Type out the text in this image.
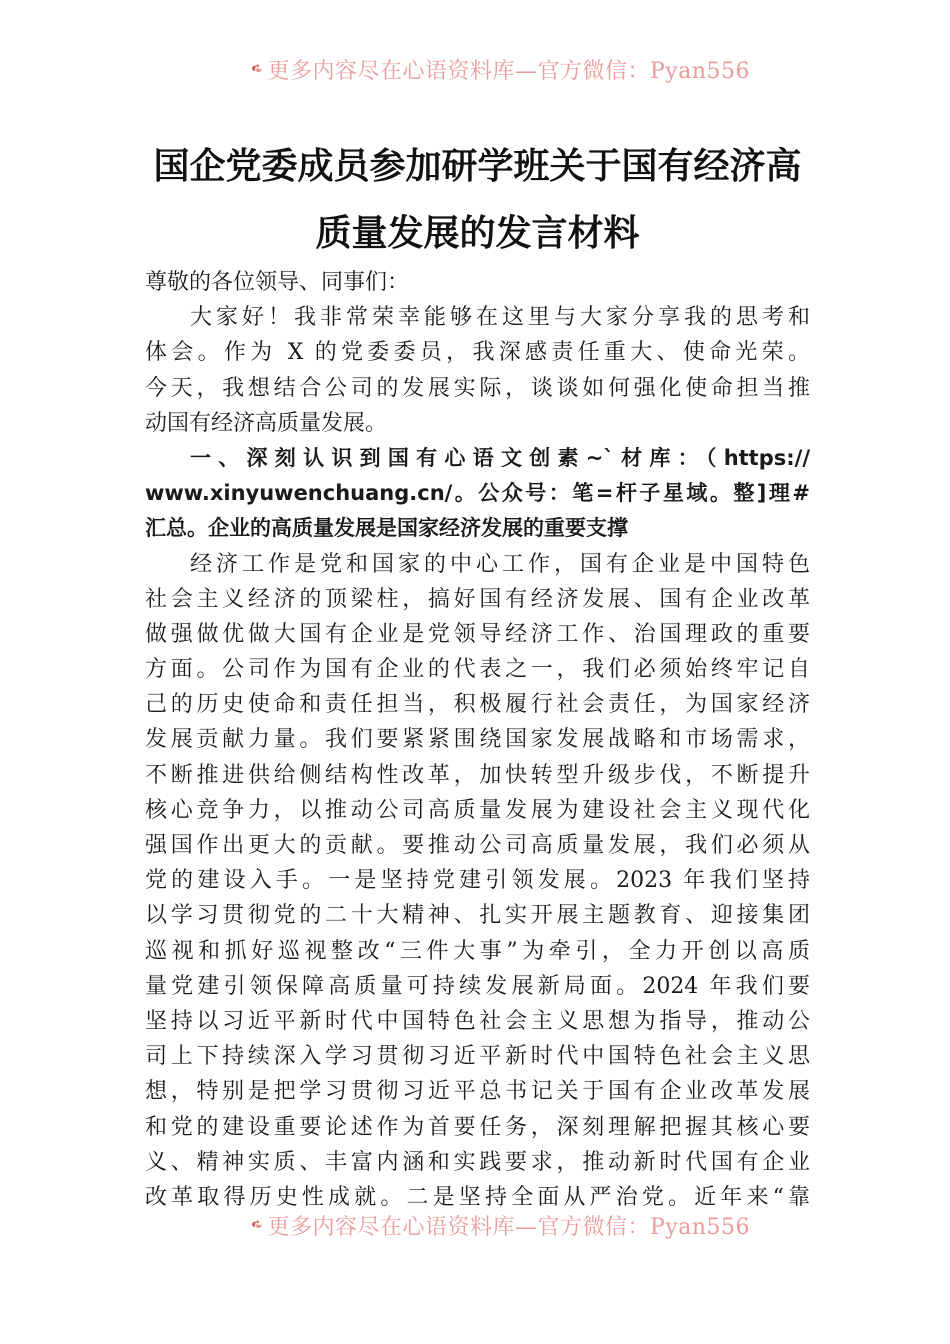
更多内容尽在心语资料库—官方微信：Pyan556
国企党委成员参加研学班关于国有经济高
质量发展的发言材料
尊敬的各位领导、同事们：
大家好！我非常荣幸能够在这里与大家分享我的思考和
体会。作为 X 的党委委员，我深感责任重大、使命光荣。
今天，我想结合公司的发展实际，谈谈如何强化使命担当推
动国有经济高质量发展。
一、深刻认识到国有心语文创素~`材库：（https://
www.xinyuwenchuang.cn/。公众号：笔=杆子星域。整]理#
汇总。企业的高质量发展是国家经济发展的重要支撑
经济工作是党和国家的中心工作，国有企业是中国特色
社会主义经济的顶梁柱，搞好国有经济发展、国有企业改革
做强做优做大国有企业是党领导经济工作、治国理政的重要
方面。公司作为国有企业的代表之一，我们必须始终牢记自
己的历史使命和责任担当，积极履行社会责任，为国家经济
发展贡献力量。我们要紧紧围绕国家发展战略和市场需求，
不断推进供给侧结构性改革，加快转型升级步伐，不断提升
核心竞争力，以推动公司高质量发展为建设社会主义现代化
强国作出更大的贡献。要推动公司高质量发展，我们必须从
党的建设入手。一是坚持党建引领发展。2023 年我们坚持
以学习贯彻党的二十大精神、扎实开展主题教育、迎接集团
巡视和抓好巡视整改“三件大事”为牵引，全力开创以高质
量党建引领保障高质量可持续发展新局面。2024 年我们要
坚持以习近平新时代中国特色社会主义思想为指导，推动公
司上下持续深入学习贯彻习近平新时代中国特色社会主义思
想，特别是把学习贯彻习近平总书记关于国有企业改革发展
和党的建设重要论述作为首要任务，深刻理解把握其核心要
义、精神实质、丰富内涵和实践要求，推动新时代国有企业
改革取得历史性成就。二是坚持全面从严治党。近年来“靠
更多内容尽在心语资料库—官方微信：Pyan556
